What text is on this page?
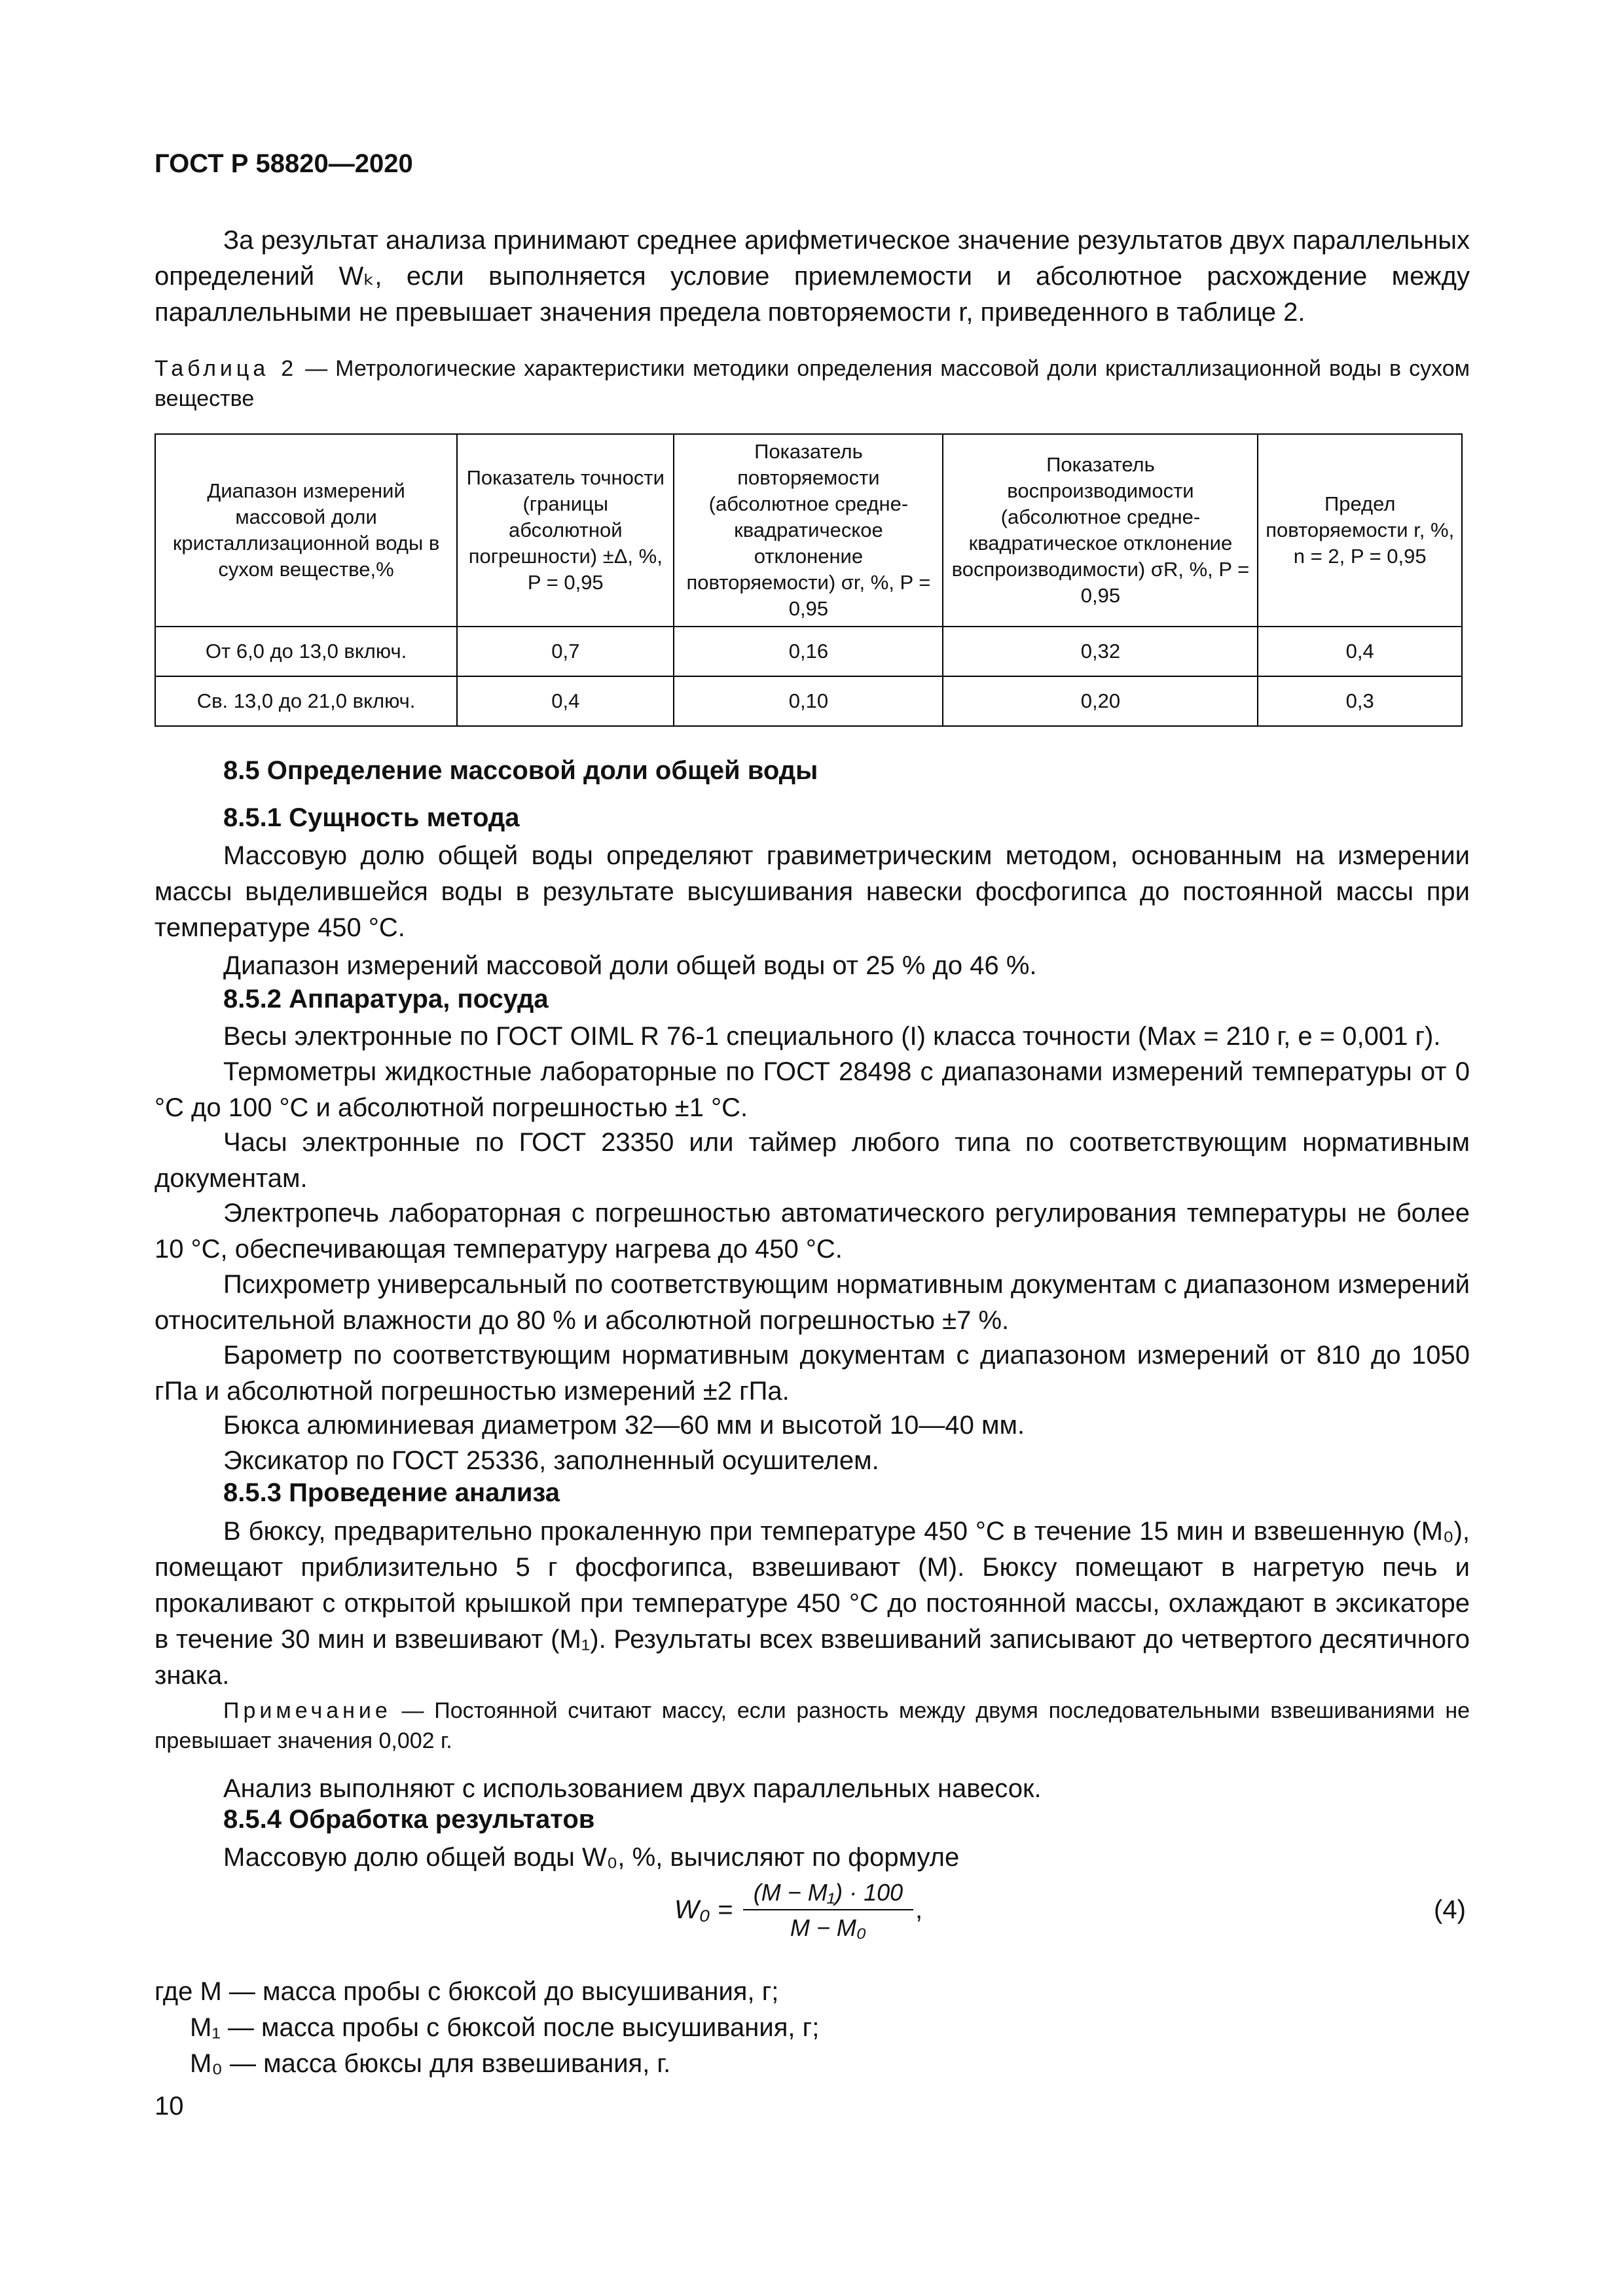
ГОСТ Р 58820—2020
За результат анализа принимают среднее арифметическое значение результатов двух параллельных определений Wₖ, если выполняется условие приемлемости и абсолютное расхождение между параллельными не превышает значения предела повторяемости r, приведенного в таблице 2.
Таблица 2 — Метрологические характеристики методики определения массовой доли кристаллизационной воды в сухом веществе
Диапазон измерений массовой доли кристаллизационной воды в сухом веществе,%	Показатель точности (границы абсолютной погрешности) ±Δ, %, P = 0,95	Показатель повторяемости (абсолютное средне-квадратическое отклонение повторяемости) σr, %, P = 0,95	Показатель воспроизводимости (абсолютное средне-квадратическое отклонение воспроизводимости) σR, %, P = 0,95	Предел повторяемости r, %, n = 2, P = 0,95
От 6,0 до 13,0 включ.	0,7	0,16	0,32	0,4
Св. 13,0 до 21,0 включ.	0,4	0,10	0,20	0,3
8.5 Определение массовой доли общей воды
8.5.1 Сущность метода
Массовую долю общей воды определяют гравиметрическим методом, основанным на измерении массы выделившейся воды в результате высушивания навески фосфогипса до постоянной массы при температуре 450 °С.
Диапазон измерений массовой доли общей воды от 25 % до 46 %.
8.5.2 Аппаратура, посуда
Весы электронные по ГОСТ OIML R 76-1 специального (I) класса точности (Max = 210 г, e = 0,001 г).
Термометры жидкостные лабораторные по ГОСТ 28498 с диапазонами измерений температуры от 0 °С до 100 °С и абсолютной погрешностью ±1 °С.
Часы электронные по ГОСТ 23350 или таймер любого типа по соответствующим нормативным документам.
Электропечь лабораторная с погрешностью автоматического регулирования температуры не более 10 °С, обеспечивающая температуру нагрева до 450 °С.
Психрометр универсальный по соответствующим нормативным документам с диапазоном измерений относительной влажности до 80 % и абсолютной погрешностью ±7 %.
Барометр по соответствующим нормативным документам с диапазоном измерений от 810 до 1050 гПа и абсолютной погрешностью измерений ±2 гПа.
Бюкса алюминиевая диаметром 32—60 мм и высотой 10—40 мм.
Эксикатор по ГОСТ 25336, заполненный осушителем.
8.5.3 Проведение анализа
В бюксу, предварительно прокаленную при температуре 450 °С в течение 15 мин и взвешенную (M₀), помещают приблизительно 5 г фосфогипса, взвешивают (M). Бюксу помещают в нагретую печь и прокаливают с открытой крышкой при температуре 450 °С до постоянной массы, охлаждают в эксикаторе в течение 30 мин и взвешивают (M₁). Результаты всех взвешиваний записывают до четвертого десятичного знака.
Примечание — Постоянной считают массу, если разность между двумя последовательными взвешиваниями не превышает значения 0,002 г.
Анализ выполняют с использованием двух параллельных навесок.
8.5.4 Обработка результатов
Массовую долю общей воды W₀, %, вычисляют по формуле
$W_0 = \frac{\text{(M − M₁) · 100}}{\text{M − M₀}}$ ,	(4)
где M — масса пробы с бюксой до высушивания, г;
M₁ — масса пробы с бюксой после высушивания, г;
M₀ — масса бюксы для взвешивания, г.
10
